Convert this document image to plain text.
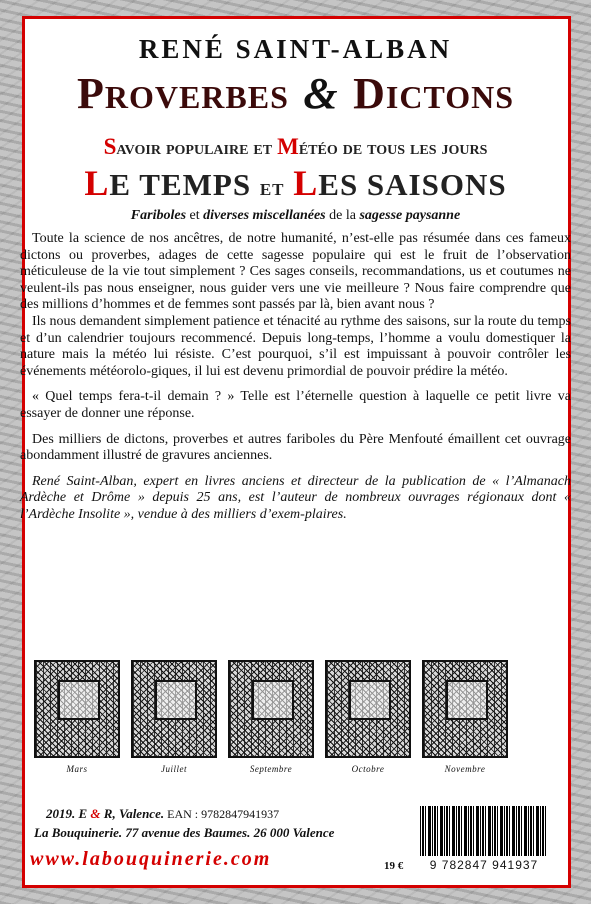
RENÉ SAINT-ALBAN
PROVERBES & DICTONS
Savoir populaire et Météo de tous les jours
LE TEMPS et LES SAISONS
Fariboles et diverses miscellanées de la sagesse paysanne

Toute la science de nos ancêtres, de notre humanité, n’est-elle pas résumée dans ces fameux dictons ou proverbes, adages de cette sagesse populaire qui est le fruit de l’observation méticuleuse de la vie tout simplement ? Ces sages conseils, recommandations, us et coutumes ne veulent-ils pas nous enseigner, nous guider vers une vie meilleure ? Nous faire comprendre que des millions d’hommes et de femmes sont passés par là, bien avant nous ?

Ils nous demandent simplement patience et ténacité au rythme des saisons, sur la route du temps et d’un calendrier toujours recommencé. Depuis long-temps, l’homme a voulu domestiquer la nature mais la météo lui résiste. C’est pourquoi, s’il est impuissant à pouvoir contrôler les événements météorolo-giques, il lui est devenu primordial de pouvoir prédire la météo.

« Quel temps fera-t-il demain ? » Telle est l’éternelle question à laquelle ce petit livre va essayer de donner une réponse.

Des milliers de dictons, proverbes et autres fariboles du Père Menfouté émaillent cet ouvrage abondamment illustré de gravures anciennes.

René Saint-Alban, expert en livres anciens et directeur de la publication de « l’Almanach Ardèche et Drôme » depuis 25 ans, est l’auteur de nombreux ouvrages régionaux dont « l’Ardèche Insolite », vendue à des milliers d’exem-plaires.

Mars	Juillet	Septembre	Octobre	Novembre
2019. E & R, Valence. EAN : 9782847941937
La Bouquinerie. 77 avenue des Baumes. 26 000 Valence
www.labouquinerie.com	19 €	9 782847 941937
